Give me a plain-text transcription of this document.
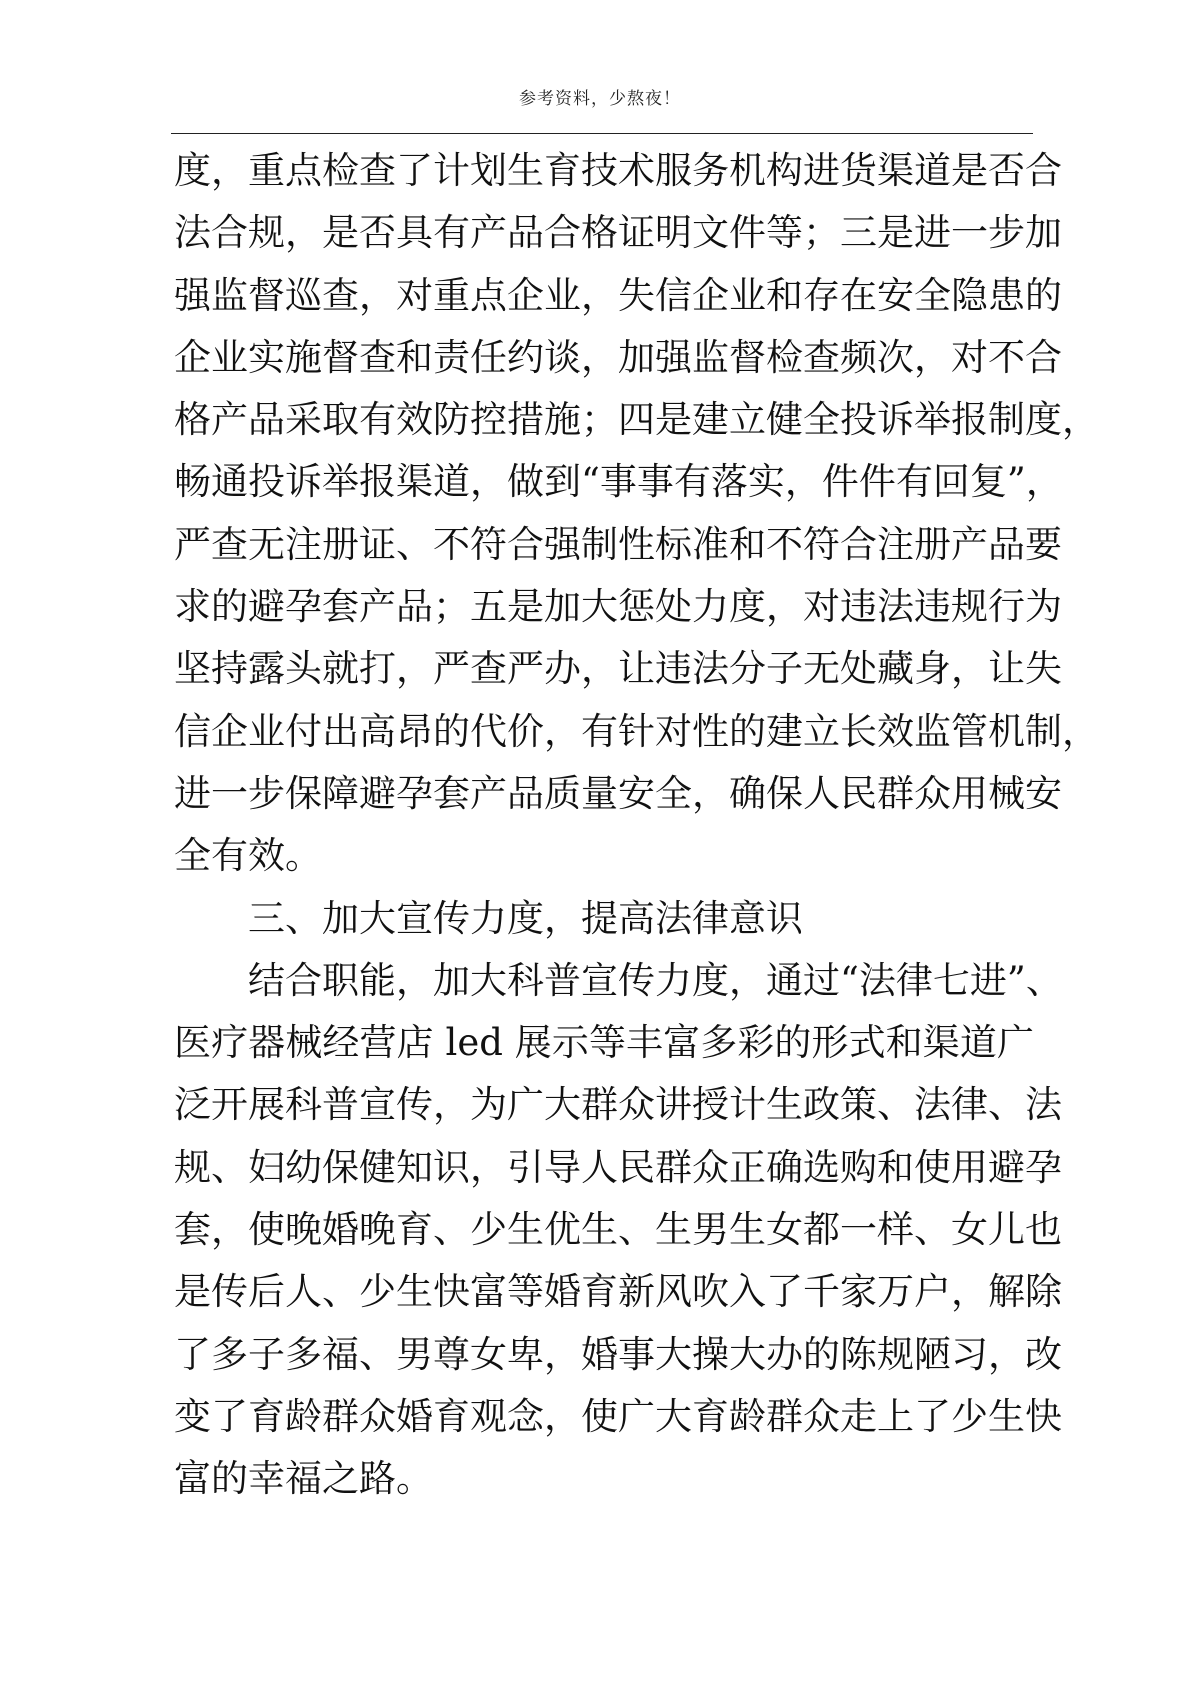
参考资料，少熬夜！
度，重点检查了计划生育技术服务机构进货渠道是否合
法合规，是否具有产品合格证明文件等；三是进一步加
强监督巡查，对重点企业，失信企业和存在安全隐患的
企业实施督查和责任约谈，加强监督检查频次，对不合
格产品采取有效防控措施；四是建立健全投诉举报制度，
畅通投诉举报渠道，做到“事事有落实，件件有回复”，
严查无注册证、不符合强制性标准和不符合注册产品要
求的避孕套产品；五是加大惩处力度，对违法违规行为
坚持露头就打，严查严办，让违法分子无处藏身，让失
信企业付出高昂的代价，有针对性的建立长效监管机制，
进一步保障避孕套产品质量安全，确保人民群众用械安
全有效。
三、加大宣传力度，提高法律意识
结合职能，加大科普宣传力度，通过“法律七进”、
医疗器械经营店 led 展示等丰富多彩的形式和渠道广
泛开展科普宣传，为广大群众讲授计生政策、法律、法
规、妇幼保健知识，引导人民群众正确选购和使用避孕
套，使晚婚晚育、少生优生、生男生女都一样、女儿也
是传后人、少生快富等婚育新风吹入了千家万户，解除
了多子多福、男尊女卑，婚事大操大办的陈规陋习，改
变了育龄群众婚育观念，使广大育龄群众走上了少生快
富的幸福之路。
